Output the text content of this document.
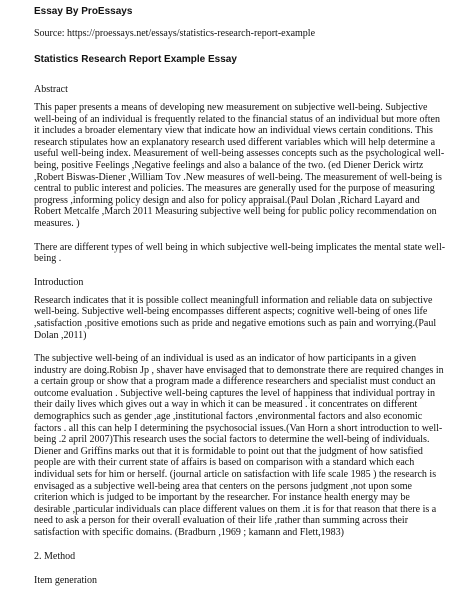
Essay By ProEssays
Source: https://proessays.net/essays/statistics-research-report-example
Statistics Research Report Example Essay
Abstract

This paper presents a means of developing new measurement on subjective well-being. Subjective well-being of an individual is frequently related to the financial status of an individual but more often it includes a broader elementary view that indicate how an individual views certain conditions. This research stipulates how an explanatory research used different variables which will help determine a useful well-being index. Measurement of well-being assesses concepts such as the psychological well-being, positive Feelings ,Negative feelings and also a balance of the two. (ed Diener Derick wirtz ,Robert Biswas-Diener ,William Tov .New measures of well-being. The measurement of well-being is central to public interest and policies. The measures are generally used for the purpose of measuring progress ,informing policy design and also for policy appraisal.(Paul Dolan ,Richard Layard and Robert Metcalfe ,March 2011 Measuring subjective well being for public policy recommendation on measures. )

There are different types of well being in which subjective well-being implicates the mental state well-being .

Introduction

Research indicates that it is possible collect meaningfull information and reliable data on subjective well-being. Subjective well-being encompasses different aspects; cognitive well-being of ones life ,satisfaction ,positive emotions such as pride and negative emotions such as pain and worrying.(Paul Dolan ,2011)

The subjective well-being of an individual is used as an indicator of how participants in a given industry are doing.Robisn Jp , shaver have envisaged that to demonstrate there are required changes in a certain group or show that a program made a difference researchers and specialist must conduct an outcome evaluation . Subjective well-being captures the level of happiness that individual portray in their daily lives which gives out a way in which it can be measured . it concentrates on different demographics such as gender ,age ,institutional factors ,environmental factors and also economic factors . all this can help I determining the psychosocial issues.(Van Horn a short introduction to well-being .2 april 2007)This research uses the social factors to determine the well-being of individuals. Diener and Griffins marks out that it is formidable to point out that the judgment of how satisfied people are with their current state of affairs is based on comparison with a standard which each individual sets for him or herself. (journal article on satisfaction with life scale 1985 ) the research is envisaged as a subjective well-being area that centers on the persons judgment ,not upon some criterion which is judged to be important by the researcher. For instance health energy may be desirable ,particular individuals can place different values on them .it is for that reason that there is a need to ask a person for their overall evaluation of their life ,rather than summing across their satisfaction with specific domains. (Bradburn ,1969 ; kamann and Flett,1983)

2. Method
Item generation
